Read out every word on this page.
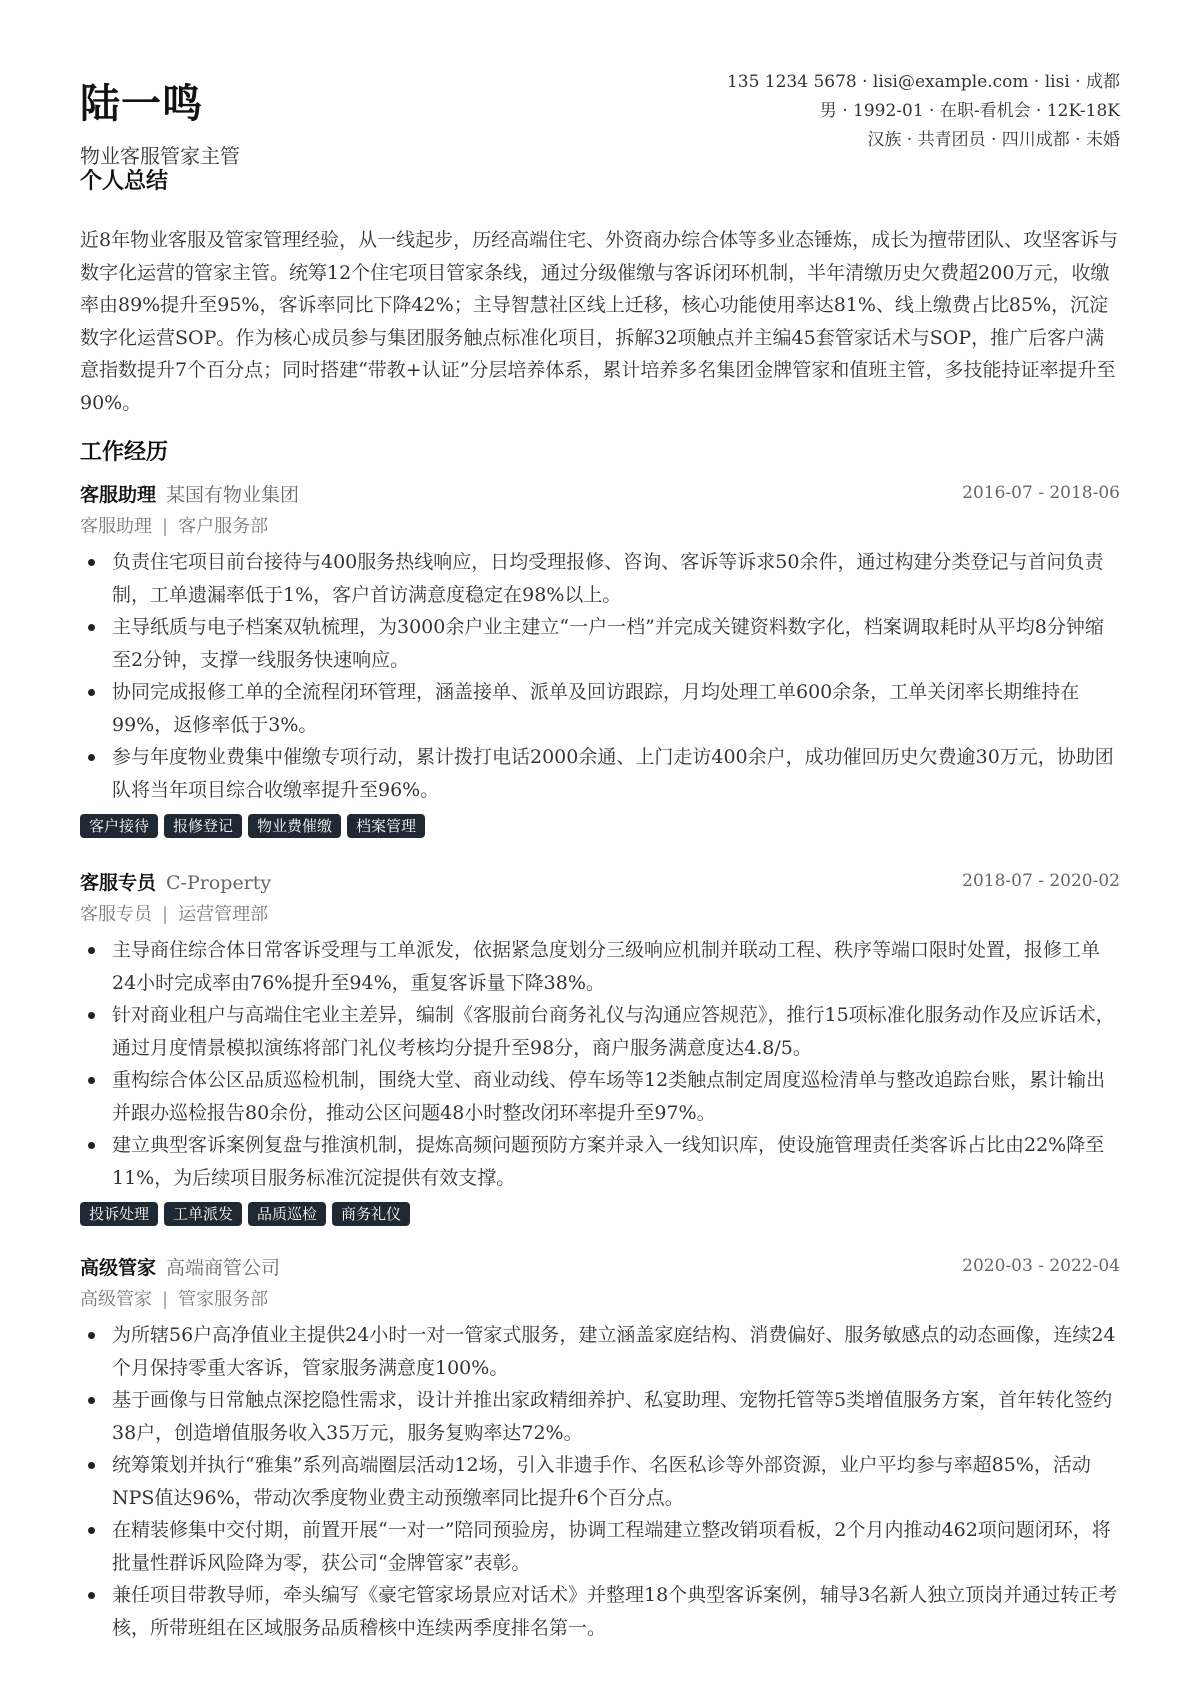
陆一鸣
物业客服管家主管
135 1234 5678 · lisi@example.com · lisi · 成都
男 · 1992-01 · 在职-看机会 · 12K-18K
汉族 · 共青团员 · 四川成都 · 未婚
个人总结

近8年物业客服及管家管理经验，从一线起步，历经高端住宅、外资商办综合体等多业态锤炼，成长为擅带团队、攻坚客诉与数字化运营的管家主管。统筹12个住宅项目管家条线，通过分级催缴与客诉闭环机制，半年清缴历史欠费超200万元，收缴率由89%提升至95%，客诉率同比下降42%；主导智慧社区线上迁移，核心功能使用率达81%、线上缴费占比85%，沉淀数字化运营SOP。作为核心成员参与集团服务触点标准化项目，拆解32项触点并主编45套管家话术与SOP，推广后客户满意指数提升7个百分点；同时搭建“带教+认证”分层培养体系，累计培养多名集团金牌管家和值班主管，多技能持证率提升至90%。

工作经历
客服助理 某国有物业集团	2016-07 - 2018-06
客服助理 | 客户服务部
负责住宅项目前台接待与400服务热线响应，日均受理报修、咨询、客诉等诉求50余件，通过构建分类登记与首问负责制，工单遗漏率低于1%，客户首访满意度稳定在98%以上。
主导纸质与电子档案双轨梳理，为3000余户业主建立“一户一档”并完成关键资料数字化，档案调取耗时从平均8分钟缩至2分钟，支撑一线服务快速响应。
协同完成报修工单的全流程闭环管理，涵盖接单、派单及回访跟踪，月均处理工单600余条，工单关闭率长期维持在99%，返修率低于3%。
参与年度物业费集中催缴专项行动，累计拨打电话2000余通、上门走访400余户，成功催回历史欠费逾30万元，协助团队将当年项目综合收缴率提升至96%。
客户接待	报修登记	物业费催缴	档案管理
客服专员 C-Property	2018-07 - 2020-02
客服专员 | 运营管理部
主导商住综合体日常客诉受理与工单派发，依据紧急度划分三级响应机制并联动工程、秩序等端口限时处置，报修工单24小时完成率由76%提升至94%，重复客诉量下降38%。
针对商业租户与高端住宅业主差异，编制《客服前台商务礼仪与沟通应答规范》，推行15项标准化服务动作及应诉话术，通过月度情景模拟演练将部门礼仪考核均分提升至98分，商户服务满意度达4.8/5。
重构综合体公区品质巡检机制，围绕大堂、商业动线、停车场等12类触点制定周度巡检清单与整改追踪台账，累计输出并跟办巡检报告80余份，推动公区问题48小时整改闭环率提升至97%。
建立典型客诉案例复盘与推演机制，提炼高频问题预防方案并录入一线知识库，使设施管理责任类客诉占比由22%降至11%，为后续项目服务标准沉淀提供有效支撑。
投诉处理	工单派发	品质巡检	商务礼仪
高级管家 高端商管公司	2020-03 - 2022-04
高级管家 | 管家服务部
为所辖56户高净值业主提供24小时一对一管家式服务，建立涵盖家庭结构、消费偏好、服务敏感点的动态画像，连续24个月保持零重大客诉，管家服务满意度100%。
基于画像与日常触点深挖隐性需求，设计并推出家政精细养护、私宴助理、宠物托管等5类增值服务方案，首年转化签约38户，创造增值服务收入35万元，服务复购率达72%。
统筹策划并执行“雅集”系列高端圈层活动12场，引入非遗手作、名医私诊等外部资源，业户平均参与率超85%，活动NPS值达96%，带动次季度物业费主动预缴率同比提升6个百分点。
在精装修集中交付期，前置开展“一对一”陪同预验房，协调工程端建立整改销项看板，2个月内推动462项问题闭环，将批量性群诉风险降为零，获公司“金牌管家”表彰。
兼任项目带教导师，牵头编写《豪宅管家场景应对话术》并整理18个典型客诉案例，辅导3名新人独立顶岗并通过转正考核，所带班组在区域服务品质稽核中连续两季度排名第一。
